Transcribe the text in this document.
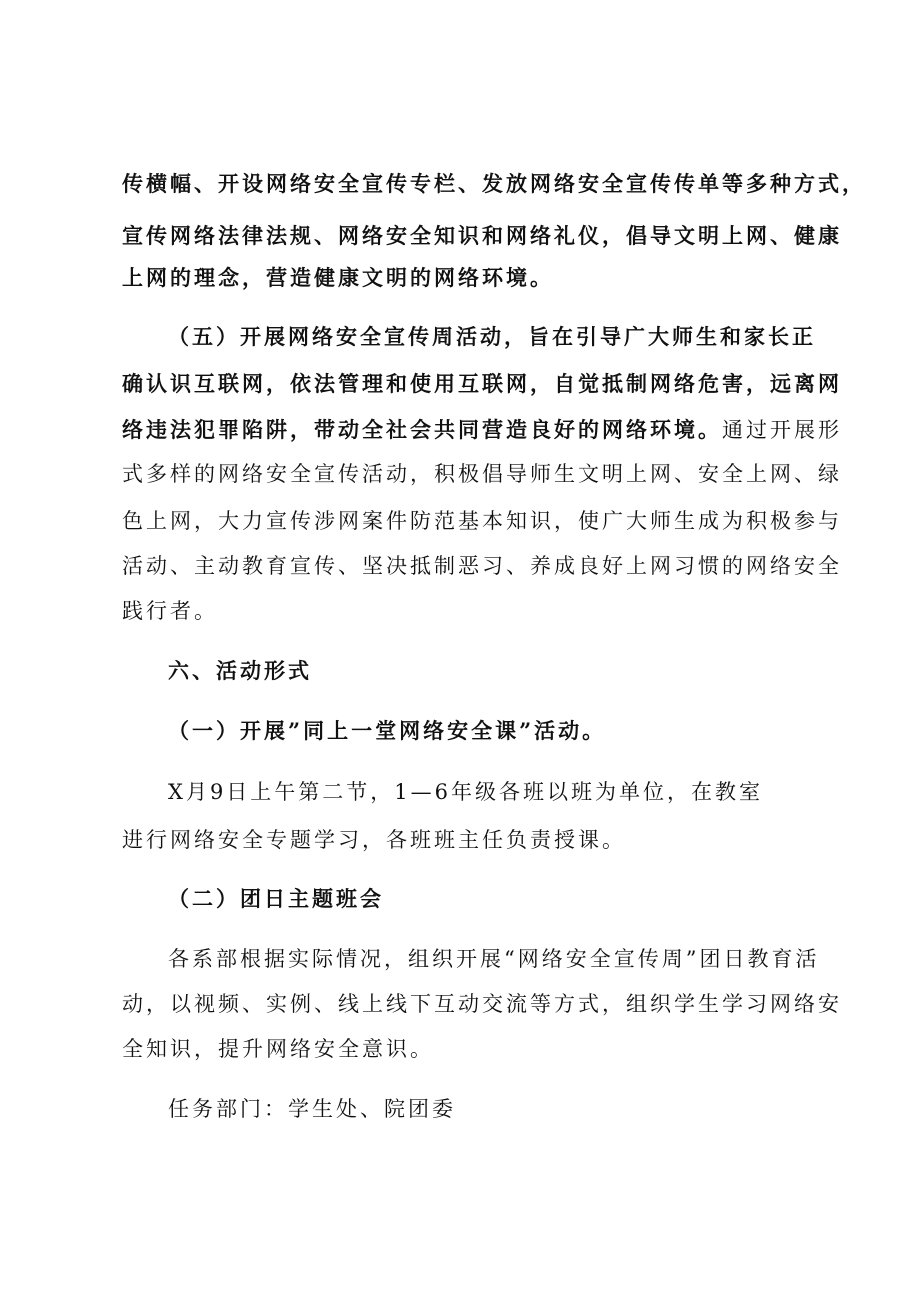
传横幅、开设网络安全宣传专栏、发放网络安全宣传传单等多种方式，

宣传网络法律法规、网络安全知识和网络礼仪，倡导文明上网、健康

上网的理念，营造健康文明的网络环境。

（五）开展网络安全宣传周活动，旨在引导广大师生和家长正

确认识互联网，依法管理和使用互联网，自觉抵制网络危害，远离网

络违法犯罪陷阱，带动全社会共同营造良好的网络环境。通过开展形

式多样的网络安全宣传活动，积极倡导师生文明上网、安全上网、绿

色上网，大力宣传涉网案件防范基本知识，使广大师生成为积极参与

活动、主动教育宣传、坚决抵制恶习、养成良好上网习惯的网络安全

践行者。

六、活动形式

（一）开展”同上一堂网络安全课”活动。

X月9日上午第二节，1—6年级各班以班为单位，在教室

进行网络安全专题学习，各班班主任负责授课。

（二）团日主题班会

各系部根据实际情况，组织开展“网络安全宣传周”团日教育活

动，以视频、实例、线上线下互动交流等方式，组织学生学习网络安

全知识，提升网络安全意识。

任务部门：学生处、院团委
